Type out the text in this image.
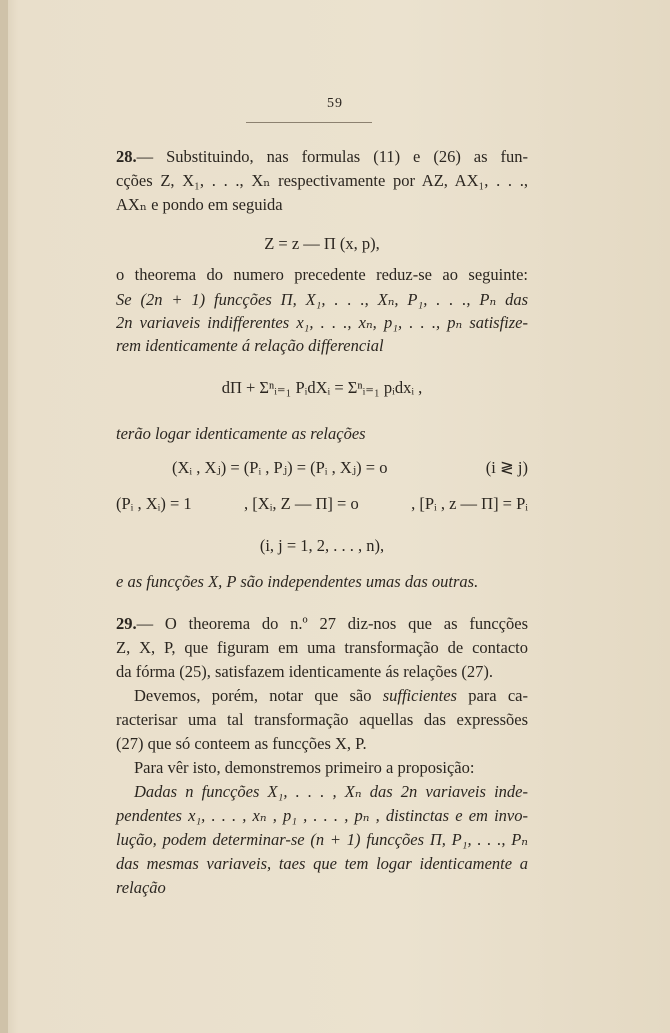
59
28.— Substituindo, nas formulas (11) e (26) as fun-
cções Z, X₁, . . ., Xₙ respectivamente por AZ, AX₁, . . .,
AXₙ e pondo em seguida
Z = z — Π (x, p),
o theorema do numero precedente reduz-se ao seguinte:
Se (2n + 1) funcções Π, X₁, . . ., Xₙ, P₁, . . ., Pₙ das
2n variaveis indifferentes x₁, . . ., xₙ, p₁, . . ., pₙ satisfize-
rem identicamente á relação differencial
dΠ + Σⁿᵢ₌₁ PᵢdXᵢ = Σⁿᵢ₌₁ pᵢdxᵢ ,
terão logar identicamente as relações
(Xᵢ , Xⱼ) = (Pᵢ , Pⱼ) = (Pᵢ , Xⱼ) = o	(i ≷ j)
(Pᵢ , Xᵢ) = 1	, [Xᵢ, Z — Π] = o	, [Pᵢ , z — Π] = Pᵢ
(i, j = 1, 2, . . . , n),
e as funcções X, P são independentes umas das outras.
29.— O theorema do n.º 27 diz-nos que as funcções
Z, X, P, que figuram em uma transformação de contacto
da fórma (25), satisfazem identicamente ás relações (27).
Devemos, porém, notar que são sufficientes para ca-
racterisar uma tal transformação aquellas das expressões
(27) que só conteem as funcções X, P.
Para vêr isto, demonstremos primeiro a proposição:
Dadas n funcções X₁, . . . , Xₙ das 2n variaveis inde-
pendentes x₁, . . . , xₙ , p₁ , . . . , pₙ , distinctas e em invo-
lução, podem determinar-se (n + 1) funcções Π, P₁, . . ., Pₙ
das mesmas variaveis, taes que tem logar identicamente a
relação
